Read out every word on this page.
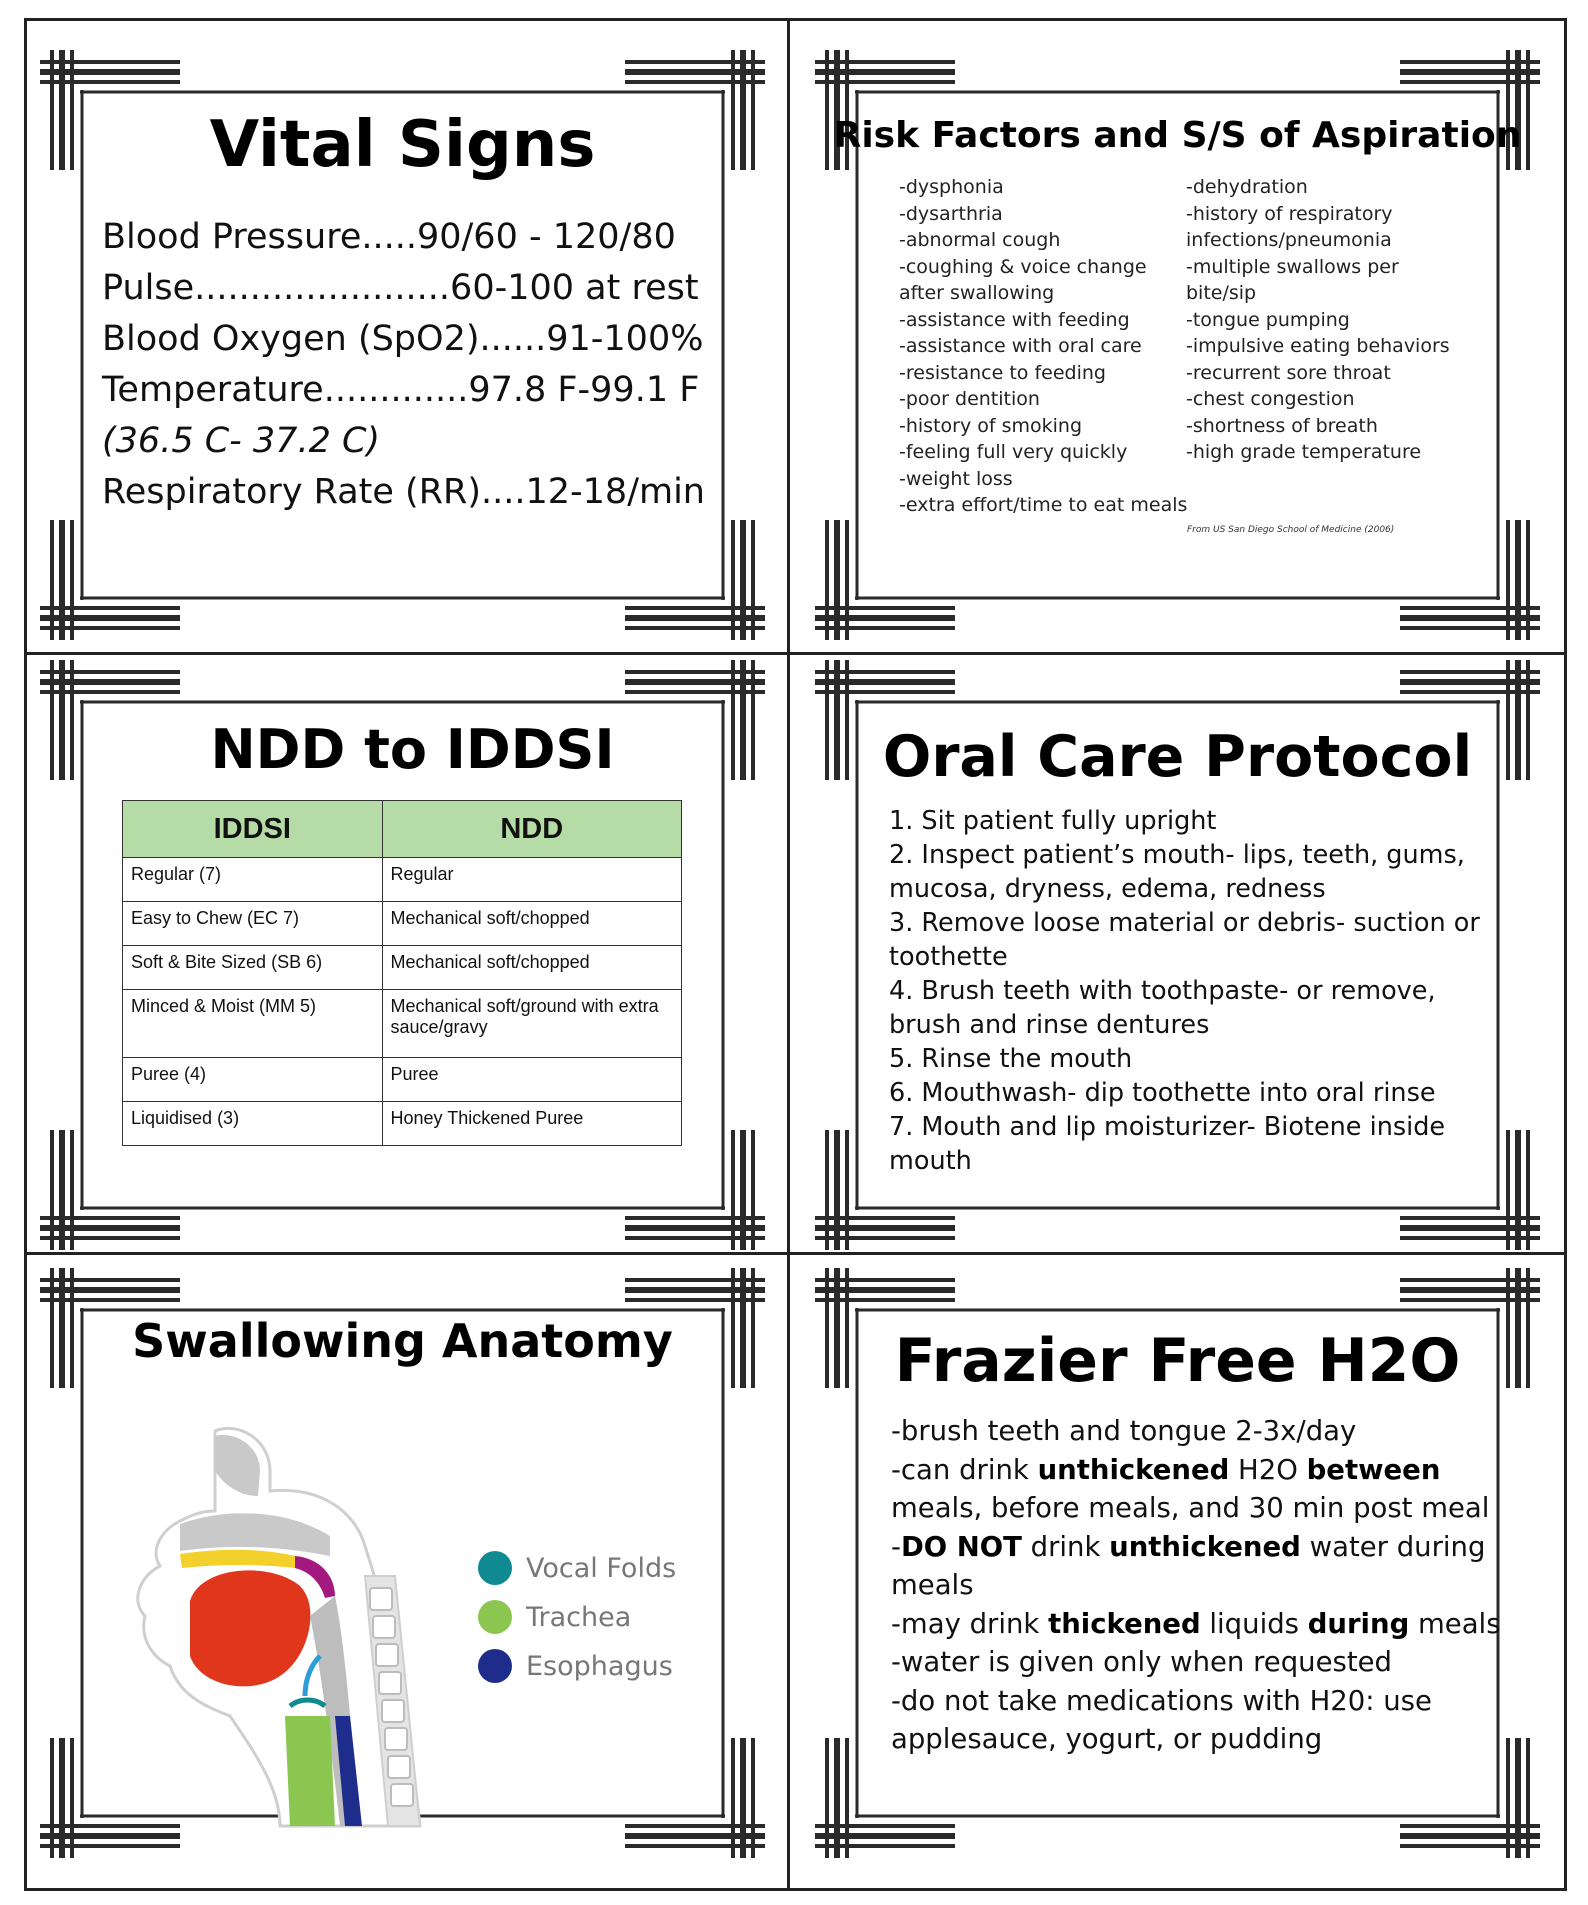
Vital Signs
Blood Pressure.....90/60 - 120/80
Pulse.......................60-100 at rest
Blood Oxygen (SpO2)......91-100%
Temperature.............97.8 F-99.1 F
(36.5 C- 37.2 C)
Respiratory Rate (RR)....12-18/min
Risk Factors and S/S of Aspiration
-dysphonia
-dysarthria
-abnormal cough
-coughing & voice change
after swallowing
-assistance with feeding
-assistance with oral care
-resistance to feeding
-poor dentition
-history of smoking
-feeling full very quickly
-weight loss
-extra effort/time to eat meals
-dehydration
-history of respiratory
infections/pneumonia
-multiple swallows per
bite/sip
-tongue pumping
-impulsive eating behaviors
-recurrent sore throat
-chest congestion
-shortness of breath
-high grade temperature
From US San Diego School of Medicine (2006)
NDD to IDDSI
IDDSI	NDD
Regular (7)	Regular
Easy to Chew (EC 7)	Mechanical soft/chopped
Soft & Bite Sized (SB 6)	Mechanical soft/chopped
Minced & Moist (MM 5)	Mechanical soft/ground with extra sauce/gravy
Puree (4)	Puree
Liquidised (3)	Honey Thickened Puree
Oral Care Protocol
1. Sit patient fully upright
2. Inspect patient’s mouth- lips, teeth, gums,
mucosa, dryness, edema, redness
3. Remove loose material or debris- suction or
toothette
4. Brush teeth with toothpaste- or remove,
brush and rinse dentures
5. Rinse the mouth
6. Mouthwash- dip toothette into oral rinse
7. Mouth and lip moisturizer- Biotene inside
mouth
Swallowing Anatomy
Vocal Folds
Trachea
Esophagus
Frazier Free H2O
-brush teeth and tongue 2-3x/day
-can drink unthickened H2O between
meals, before meals, and 30 min post meal
-DO NOT drink unthickened water during
meals
-may drink thickened liquids during meals
-water is given only when requested
-do not take medications with H20: use
applesauce, yogurt, or pudding
